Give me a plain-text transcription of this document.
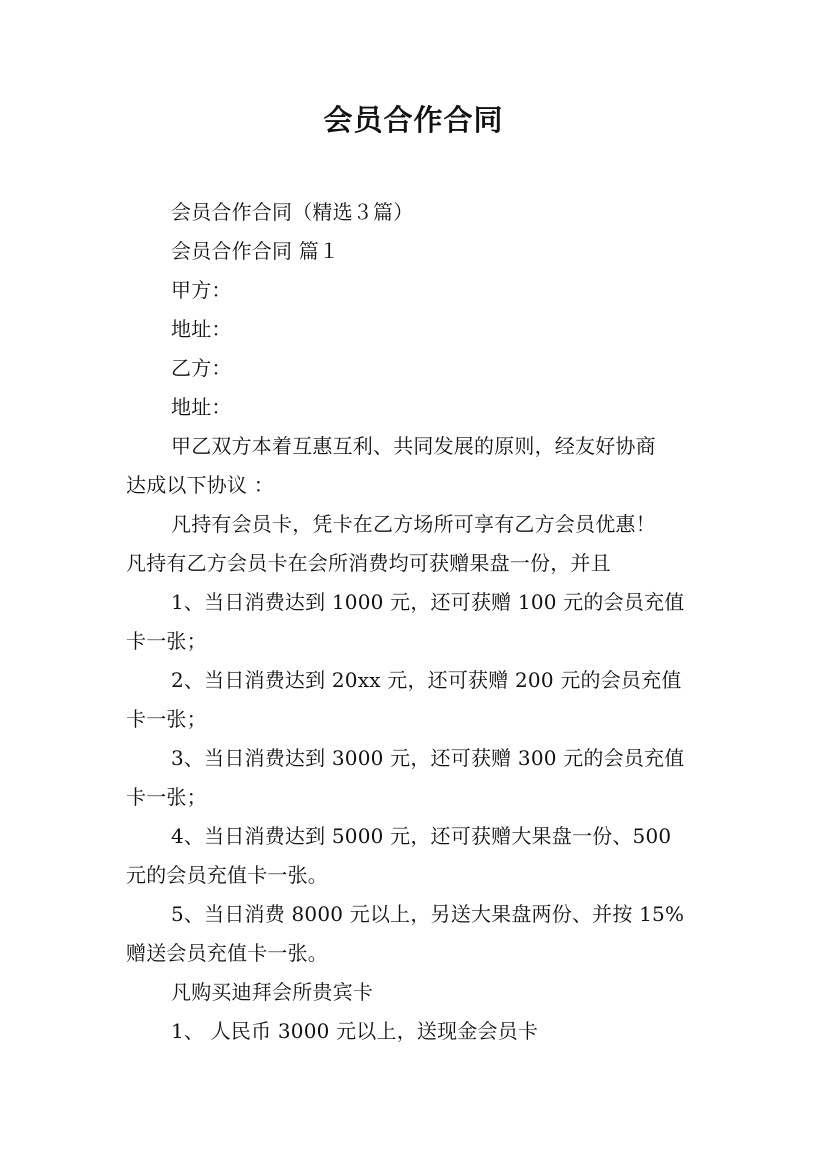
会员合作合同
会员合作合同（精选３篇）
会员合作合同 篇１
甲方：
地址：
乙方：
地址：
甲乙双方本着互惠互利、共同发展的原则，经友好协商
达成以下协议 ：
凡持有会员卡，凭卡在乙方场所可享有乙方会员优惠！
凡持有乙方会员卡在会所消费均可获赠果盘一份，并且
1、当日消费达到 1000 元，还可获赠 100 元的会员充值
卡一张；
2、当日消费达到 20xx 元，还可获赠 200 元的会员充值
卡一张；
3、当日消费达到 3000 元，还可获赠 300 元的会员充值
卡一张；
4、当日消费达到 5000 元，还可获赠大果盘一份、500
元的会员充值卡一张。
5、当日消费 8000 元以上，另送大果盘两份、并按 15%
赠送会员充值卡一张。
凡购买迪拜会所贵宾卡
1、 人民币 3000 元以上，送现金会员卡
